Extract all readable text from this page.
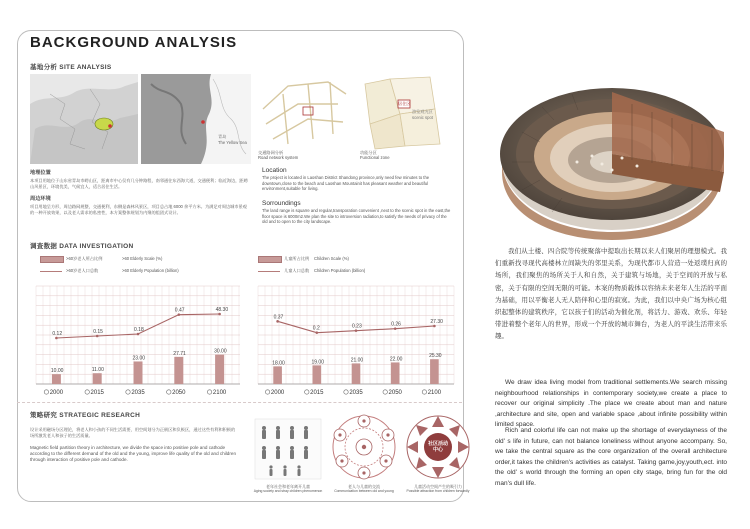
BACKGROUND ANALYSIS
基地分析 SITE ANALYSIS
青岛
The Yellow Sea
交通路网分析
Road network system
居住区
游览观光区
scenic spot
功能分区
Functional zone
地理位置
本项目用地位于山东省青岛市崂山区，距离市中心仅有几分钟路程，南邻通往东西海大道，交通便利；临近海边，距崂山风景区，环境优美，气候宜人，适合居住生活。
周边环境
项目用地呈方形，周边路网规整，交通便利，东侧是森林风景区，项目总占地 6000 余平方米。为满足对周边城市景观的一种开放效果，以及老人需求的私密性，本方案整体规划为内聚的组团式设计。
Location
The project is located in Laoshan District Shandong province,only need few minutes to the downtown,close to the beach and Laoshan Mountainit has pleasant weather and beautiful environment,suitable for living.
Sorroundings
The land range is squarre and regular,transporation convenient ,next to the scenic spot in the east,the floor space is 6000m2.We plan the site to introversion radiation,to satisfy the needs of privacy of the old and to open to the city landscape.
调查数据 DATA INVESTIGATION
>60岁老人所占比例	>60 Elderly Scale (%)
>60岁老人口总数	>60 Elderly Population (billion)
儿童所占比例 Children Scale (%)
儿童人口总数 Children Population (billion)
10.00
2000
11.00
2015
23.00
2035
27.71
2050
30.00
2100
0.12	0.15	0.18
0.47	48.30
18.00
2000
19.00
2015
21.00
2035
22.00
2050
25.30
2100
0.37
0.2	0.23	0.26	27.30
策略研究 STRATEGIC RESEARCH
设计采用磁场分区理论，将老人和小孩的不同生活需要，用空间划分为正极区和负极区，通过这些有利和积极的场所激发老人和孩子的生活质量。
Magnetic field partition theory in architecture, we divide the space into positive pole and cathode according to the different demand of the old and the young, improve life quality of the old and children through interaction of positive pole and cathode.
社区活动中心
老年社会和老年离开儿童
Aging society and stray children phenomenon
老人与儿童的交流
Communication between old and young
儿童活动空间产生的吸引力
Possible attraction from children forwardly
我们从土楼、四合院等传统聚落中提取出长期以来人们聚居的理想模式。我们重新找寻现代高楼林立间缺失的邻里关系，为现代都市人营造一处返璞归真的场所，我们聚焦的场所关于人和自然，关于建筑与场地，关于空间的开放与私密，关于有限的空间无限的可能。本案的物质载体以容纳未来老年人生活的平面为基础，用以平衡老人无人陪伴和心里的寂寞。为此，我们以中央广场为核心组织起整体的建筑秩序，它以孩子们的活动为催化剂，将活力、游戏、欢乐、年轻带进着整个老年人的世界，形成一个开放的城市舞台，为老人的平淡生活带来乐趣。
We draw idea living model from traditional settlements.We search missing neighbourhood relationships in contemporary society,we create a place to recover our original simplicity .The place we create about man and nature ,architecture and site, open and variable space ,about infinite possibility within limited space.
Rich and colorful life can not make up the shortage of everydayness of the old' s life in future, can not balance loneliness without anyone accompany. So, we take the central square as the core organization of the overall architecture order,it takes the children's activities as catalyst. Taking game,joy,youth,ect. into the old' s world through the forming an open city stage, bring fun for the old man's dull life.
